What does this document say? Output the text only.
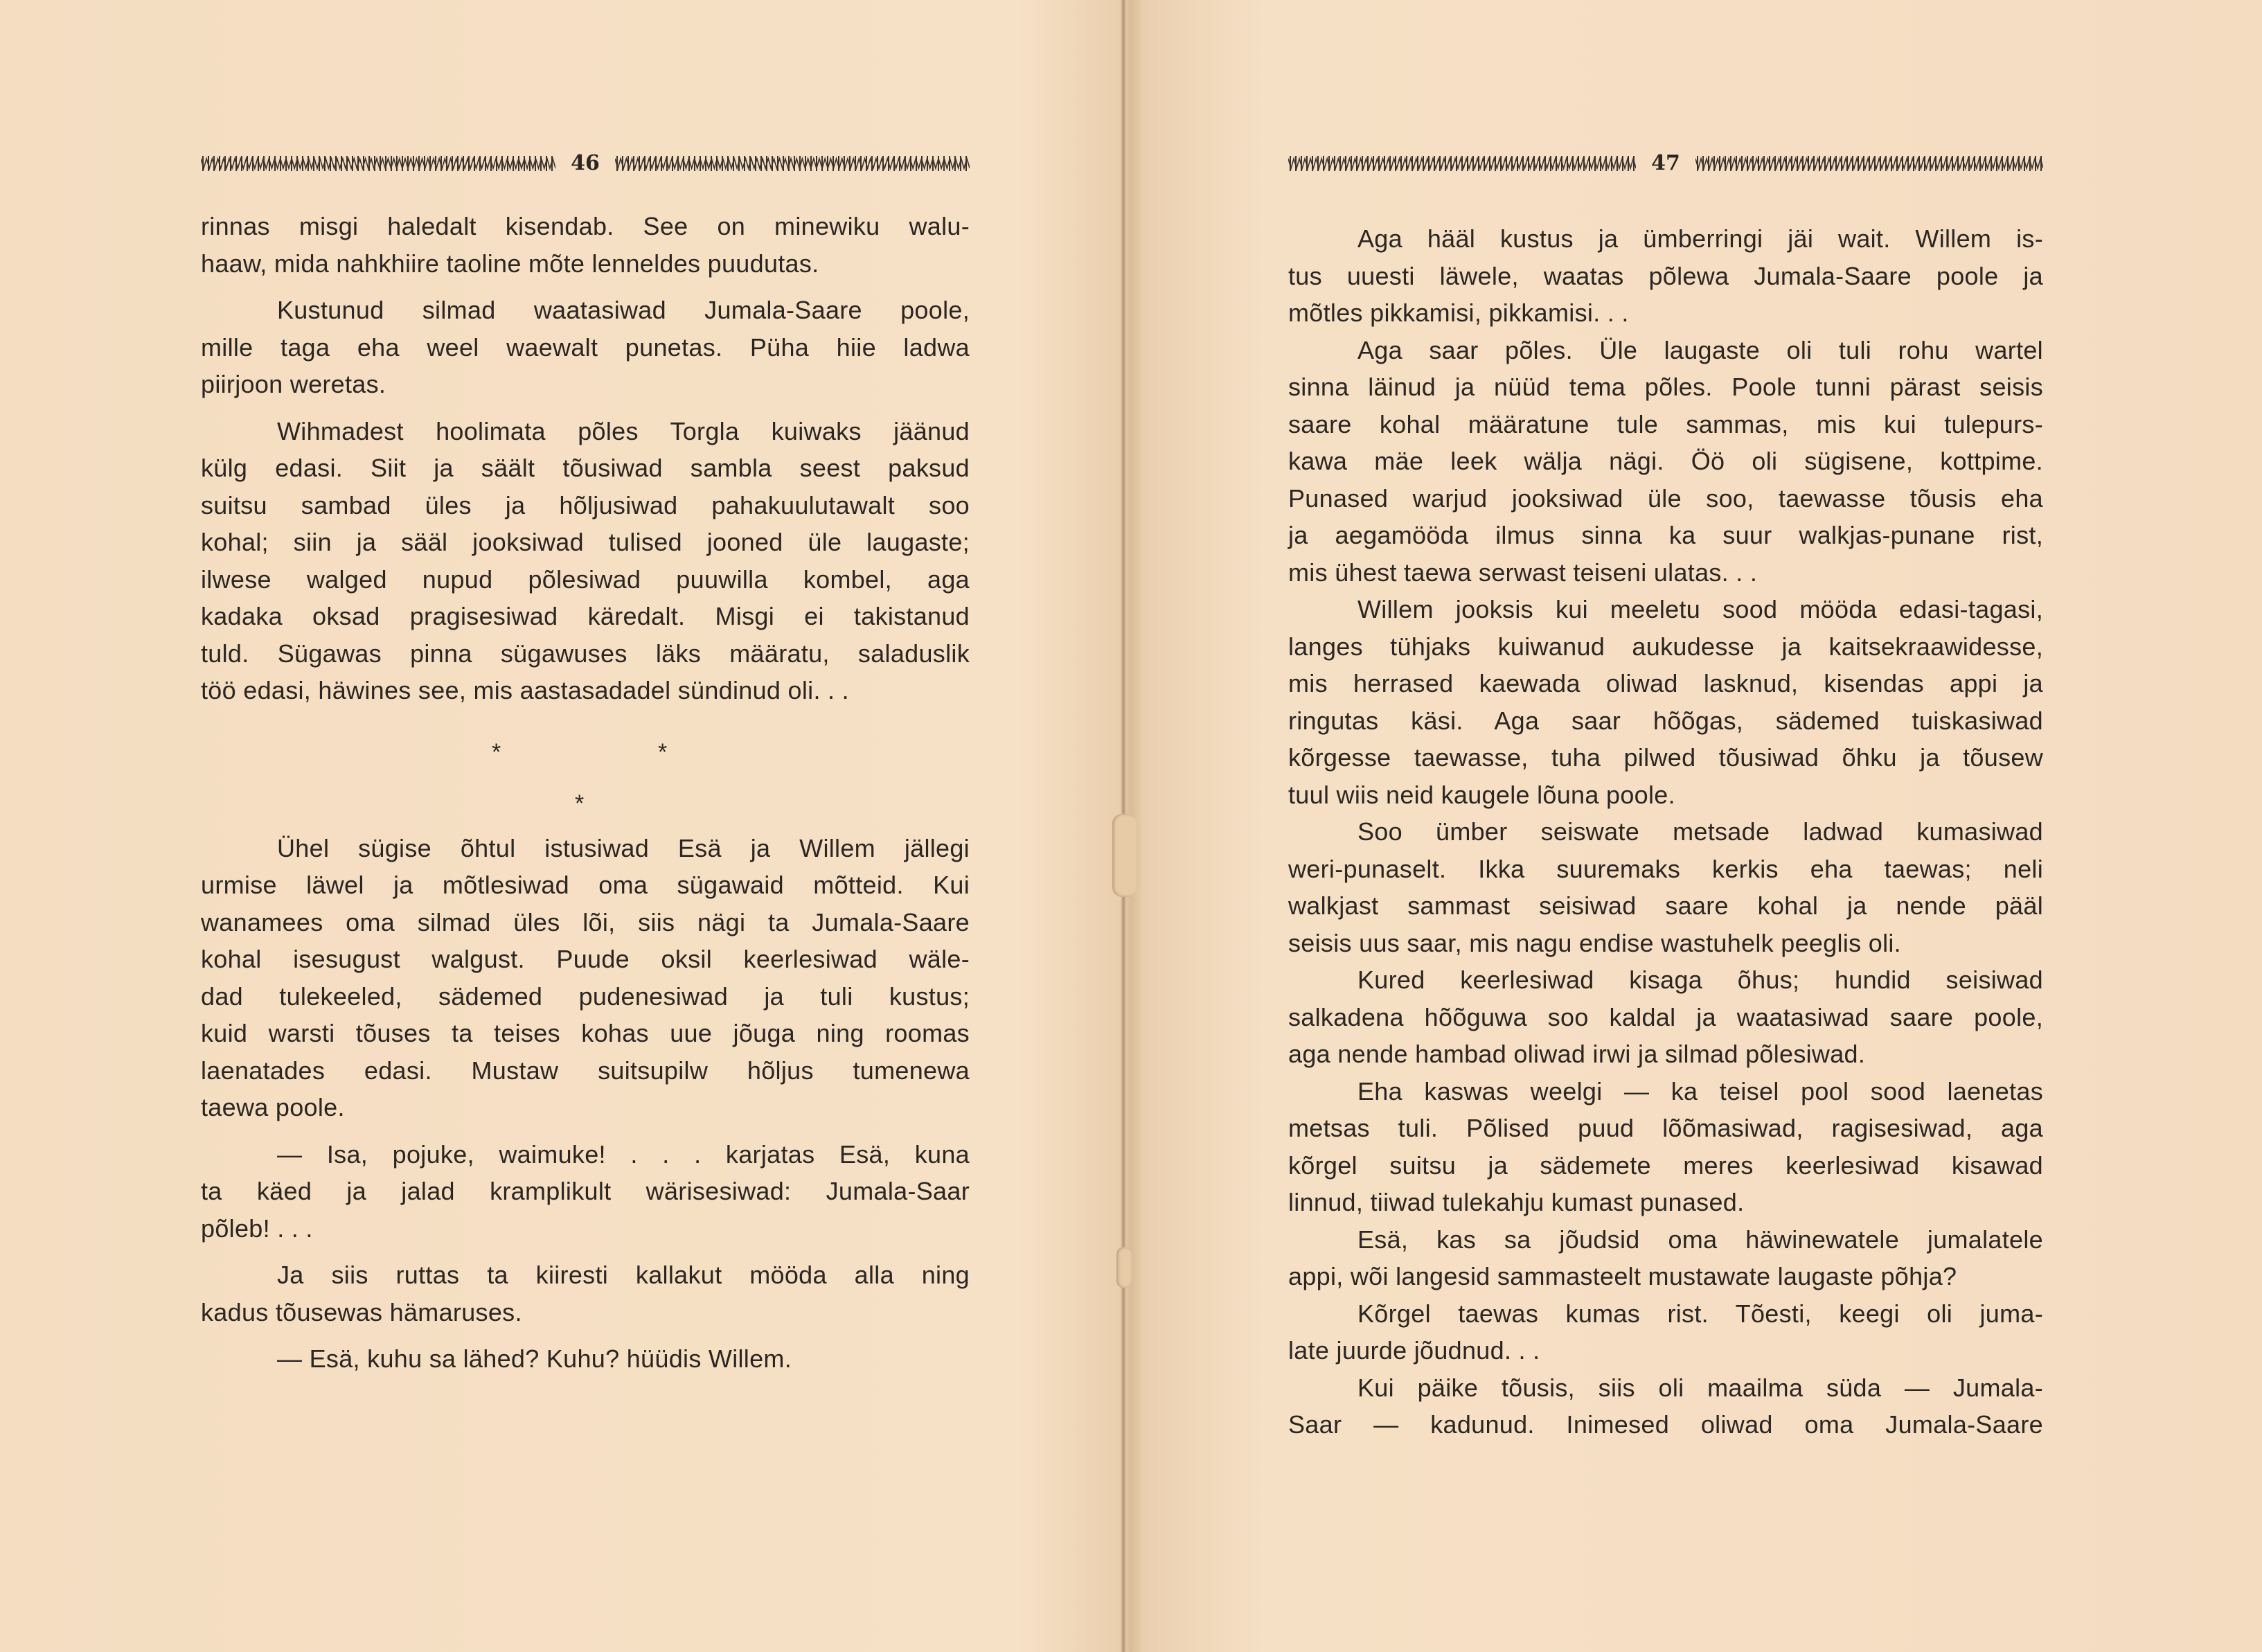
46

rinnas misgi haledalt kisendab. See on minewiku walu-
haaw, mida nahkhiire taoline mõte lenneldes puudutas.

Kustunud silmad waatasiwad Jumala-Saare poole,
mille taga eha weel waewalt punetas. Püha hiie ladwa
piirjoon weretas.

Wihmadest hoolimata põles Torgla kuiwaks jäänud
külg edasi. Siit ja säält tõusiwad sambla seest paksud
suitsu sambad üles ja hõljusiwad pahakuulutawalt soo
kohal; siin ja sääl jooksiwad tulised jooned üle laugaste;
ilwese walged nupud põlesiwad puuwilla kombel, aga
kadaka oksad pragisesiwad käredalt. Misgi ei takistanud
tuld. Sügawas pinna sügawuses läks määratu, saladuslik
töö edasi, häwines see, mis aastasadadel sündinud oli. . .

*	*
*

Ühel sügise õhtul istusiwad Esä ja Willem jällegi
urmise läwel ja mõtlesiwad oma sügawaid mõtteid. Kui
wanamees oma silmad üles lõi, siis nägi ta Jumala-Saare
kohal isesugust walgust. Puude oksil keerlesiwad wäle-
dad tulekeeled, sädemed pudenesiwad ja tuli kustus;
kuid warsti tõuses ta teises kohas uue jõuga ning roomas
laenatades edasi. Mustaw suitsupilw hõljus tumenewa
taewa poole.

— Isa, pojuke, waimuke! . . . karjatas Esä, kuna
ta käed ja jalad kramplikult wärisesiwad: Jumala-Saar
põleb! . . .

Ja siis ruttas ta kiiresti kallakut mööda alla ning
kadus tõusewas hämaruses.

— Esä, kuhu sa lähed? Kuhu? hüüdis Willem.

47

Aga hääl kustus ja ümberringi jäi wait. Willem is-
tus uuesti läwele, waatas põlewa Jumala-Saare poole ja
mõtles pikkamisi, pikkamisi. . .

Aga saar põles. Üle laugaste oli tuli rohu wartel
sinna läinud ja nüüd tema põles. Poole tunni pärast seisis
saare kohal määratune tule sammas, mis kui tulepurs-
kawa mäe leek wälja nägi. Öö oli sügisene, kottpime.
Punased warjud jooksiwad üle soo, taewasse tõusis eha
ja aegamööda ilmus sinna ka suur walkjas-punane rist,
mis ühest taewa serwast teiseni ulatas. . .

Willem jooksis kui meeletu sood mööda edasi-tagasi,
langes tühjaks kuiwanud aukudesse ja kaitsekraawidesse,
mis herrased kaewada oliwad lasknud, kisendas appi ja
ringutas käsi. Aga saar hõõgas, sädemed tuiskasiwad
kõrgesse taewasse, tuha pilwed tõusiwad õhku ja tõusew
tuul wiis neid kaugele lõuna poole.

Soo ümber seiswate metsade ladwad kumasiwad
weri-punaselt. Ikka suuremaks kerkis eha taewas; neli
walkjast sammast seisiwad saare kohal ja nende pääl
seisis uus saar, mis nagu endise wastuhelk peeglis oli.

Kured keerlesiwad kisaga õhus; hundid seisiwad
salkadena hõõguwa soo kaldal ja waatasiwad saare poole,
aga nende hambad oliwad irwi ja silmad põlesiwad.

Eha kaswas weelgi — ka teisel pool sood laenetas
metsas tuli. Põlised puud lõõmasiwad, ragisesiwad, aga
kõrgel suitsu ja sädemete meres keerlesiwad kisawad
linnud, tiiwad tulekahju kumast punased.

Esä, kas sa jõudsid oma häwinewatele jumalatele
appi, wõi langesid sammasteelt mustawate laugaste põhja?

Kõrgel taewas kumas rist. Tõesti, keegi oli juma-
late juurde jõudnud. . .

Kui päike tõusis, siis oli maailma süda — Jumala-
Saar — kadunud. Inimesed oliwad oma Jumala-Saare
